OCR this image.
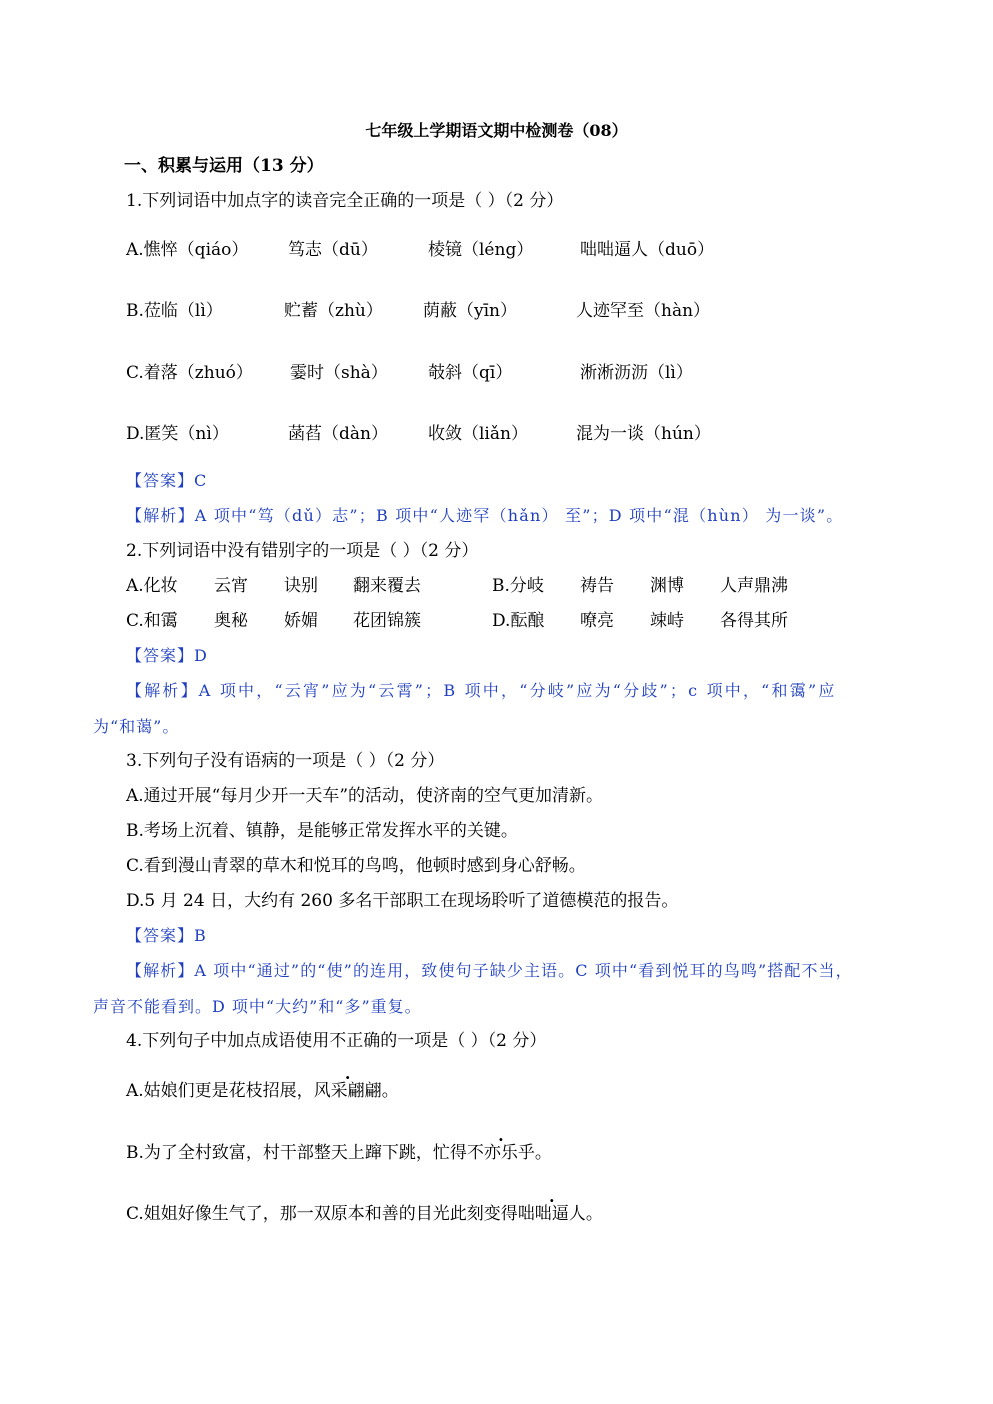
七年级上学期语文期中检测卷（08）
一、积累与运用（13 分）
1.下列词语中加点字的读音完全正确的一项是（ ）（2 分）
A.憔悴（qiáo） 笃志（dū）	棱镜（léng）	咄咄逼人（duō）
B.莅临（lì）	贮蓄（zhù） 荫蔽（yīn）	人迹罕至（hàn）
C.着落（zhuó） 霎时（shà） 攲斜（qī）	淅淅沥沥（lì）
D.匿笑（nì）	菡萏（dàn） 收敛（liǎn）	混为一谈（hún）
【答案】C
【解析】A 项中“笃（dǔ）志”；B 项中“人迹罕（hǎn） 至”；D 项中“混（hùn） 为一谈”。
2.下列词语中没有错别字的一项是（ ）（2 分）
A.化妆 云宵 诀别 翻来覆去	B.分岐 祷告 渊博 人声鼎沸
C.和霭 奥秘 娇媚 花团锦簇	D.酝酿 嘹亮 竦峙 各得其所
【答案】D
【解析】A 项中，“云宵”应为“云霄”；B 项中，“分岐”应为“分歧”；c 项中，“和霭”应
为“和蔼”。
3.下列句子没有语病的一项是（ ）（2 分）
A.通过开展“每月少开一天车”的活动，使济南的空气更加清新。
B.考场上沉着、镇静，是能够正常发挥水平的关键。
C.看到漫山青翠的草木和悦耳的鸟鸣，他顿时感到身心舒畅。
D.5 月 24 日，大约有 260 多名干部职工在现场聆听了道德模范的报告。
【答案】B
【解析】A 项中“通过”的“使”的连用，致使句子缺少主语。C 项中“看到悦耳的鸟鸣”搭配不当，
声音不能看到。D 项中“大约”和“多”重复。
4.下列句子中加点成语使用不正确的一项是（ ）（2 分）
A.姑娘们更是花枝招展，风采翩翩。
B.为了全村致富，村干部整天上蹿下跳，忙得不亦乐乎。
C.姐姐好像生气了，那一双原本和善的目光此刻变得咄咄逼人。
